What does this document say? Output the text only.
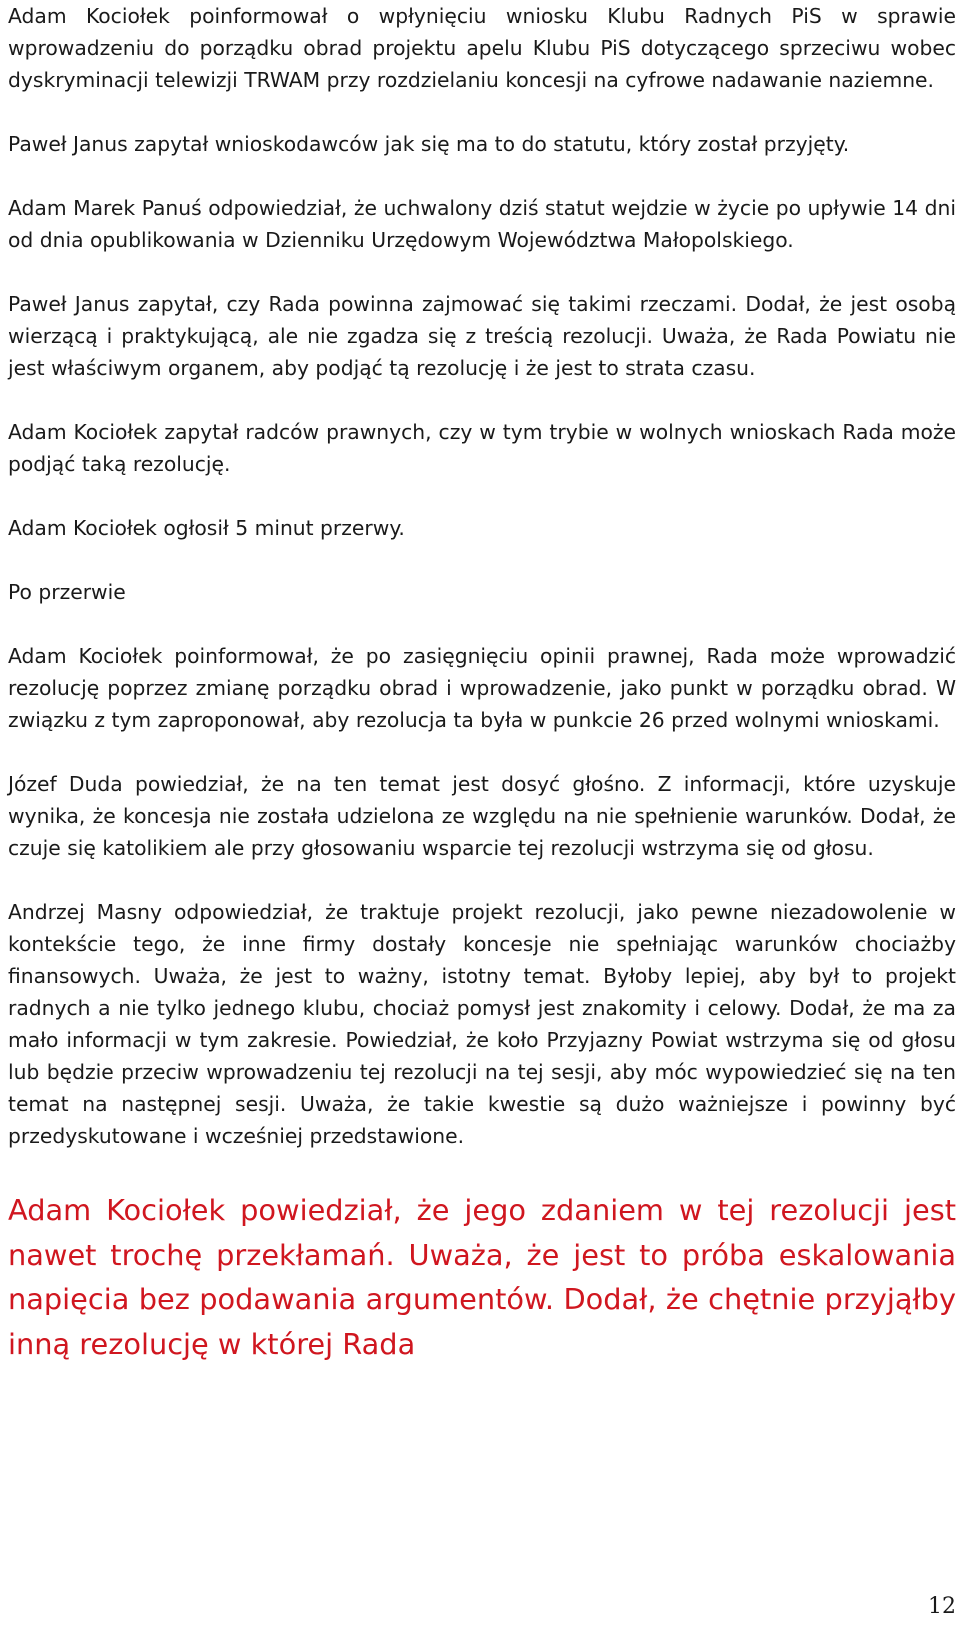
Adam Kociołek poinformował o wpłynięciu wniosku Klubu Radnych PiS w sprawie wprowadzeniu do porządku obrad projektu apelu Klubu PiS dotyczącego sprzeciwu wobec dyskryminacji telewizji TRWAM przy rozdzielaniu koncesji na cyfrowe nadawanie naziemne.

Paweł Janus zapytał wnioskodawców jak się ma to do statutu, który został przyjęty.

Adam Marek Panuś odpowiedział, że uchwalony dziś statut wejdzie w życie po upływie 14 dni od dnia opublikowania w Dzienniku Urzędowym Województwa Małopolskiego.

Paweł Janus zapytał, czy Rada powinna zajmować się takimi rzeczami. Dodał, że jest osobą wierzącą i praktykującą, ale nie zgadza się z treścią rezolucji. Uważa, że Rada Powiatu nie jest właściwym organem, aby podjąć tą rezolucję i że jest to strata czasu.

Adam Kociołek zapytał radców prawnych, czy w tym trybie w wolnych wnioskach Rada może podjąć taką rezolucję.

Adam Kociołek ogłosił 5 minut przerwy.

Po przerwie

Adam Kociołek poinformował, że po zasięgnięciu opinii prawnej, Rada może wprowadzić rezolucję poprzez zmianę porządku obrad i wprowadzenie, jako punkt w porządku obrad. W związku z tym zaproponował, aby rezolucja ta była w punkcie 26 przed wolnymi wnioskami.

Józef Duda powiedział, że na ten temat jest dosyć głośno. Z informacji, które uzyskuje wynika, że koncesja nie została udzielona ze względu na nie spełnienie warunków. Dodał, że czuje się katolikiem ale przy głosowaniu wsparcie tej rezolucji wstrzyma się od głosu.

Andrzej Masny odpowiedział, że traktuje projekt rezolucji, jako pewne niezadowolenie w kontekście tego, że inne firmy dostały koncesje nie spełniając warunków chociażby finansowych. Uważa, że jest to ważny, istotny temat. Byłoby lepiej, aby był to projekt radnych a nie tylko jednego klubu, chociaż pomysł jest znakomity i celowy. Dodał, że ma za mało informacji w tym zakresie. Powiedział, że koło Przyjazny Powiat wstrzyma się od głosu lub będzie przeciw wprowadzeniu tej rezolucji na tej sesji, aby móc wypowiedzieć się na ten temat na następnej sesji. Uważa, że takie kwestie są dużo ważniejsze i powinny być przedyskutowane i wcześniej przedstawione.

Adam Kociołek powiedział, że jego zdaniem w tej rezolucji jest nawet trochę przekłamań. Uważa, że jest to próba eskalowania napięcia bez podawania argumentów. Dodał, że chętnie przyjąłby inną rezolucję w której Rada

12
